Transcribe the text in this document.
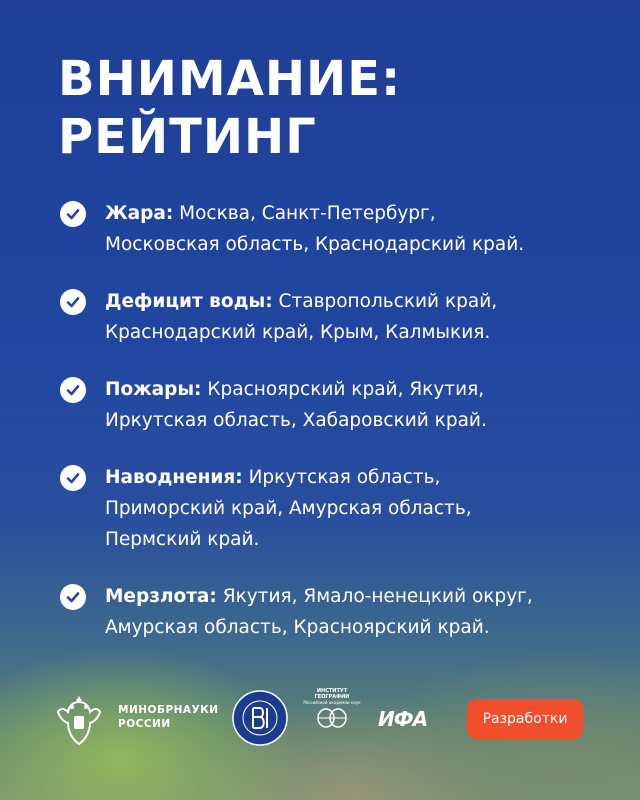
ВНИМАНИЕ:
РЕЙТИНГ
Жара: Москва, Санкт-Петербург,
Московская область, Краснодарский край.
Дефицит воды: Ставропольский край,
Краснодарский край, Крым, Калмыкия.
Пожары: Красноярский край, Якутия,
Иркутская область, Хабаровский край.
Наводнения: Иркутская область,
Приморский край, Амурская область,
Пермский край.
Мерзлота: Якутия, Ямало-ненецкий округ,
Амурская область, Красноярский край.
МИНОБРНАУКИ
РОССИИ
ИНСТИТУТ ГЕОГРАФИИ
Российской академии наук
ИФА	Разработки
